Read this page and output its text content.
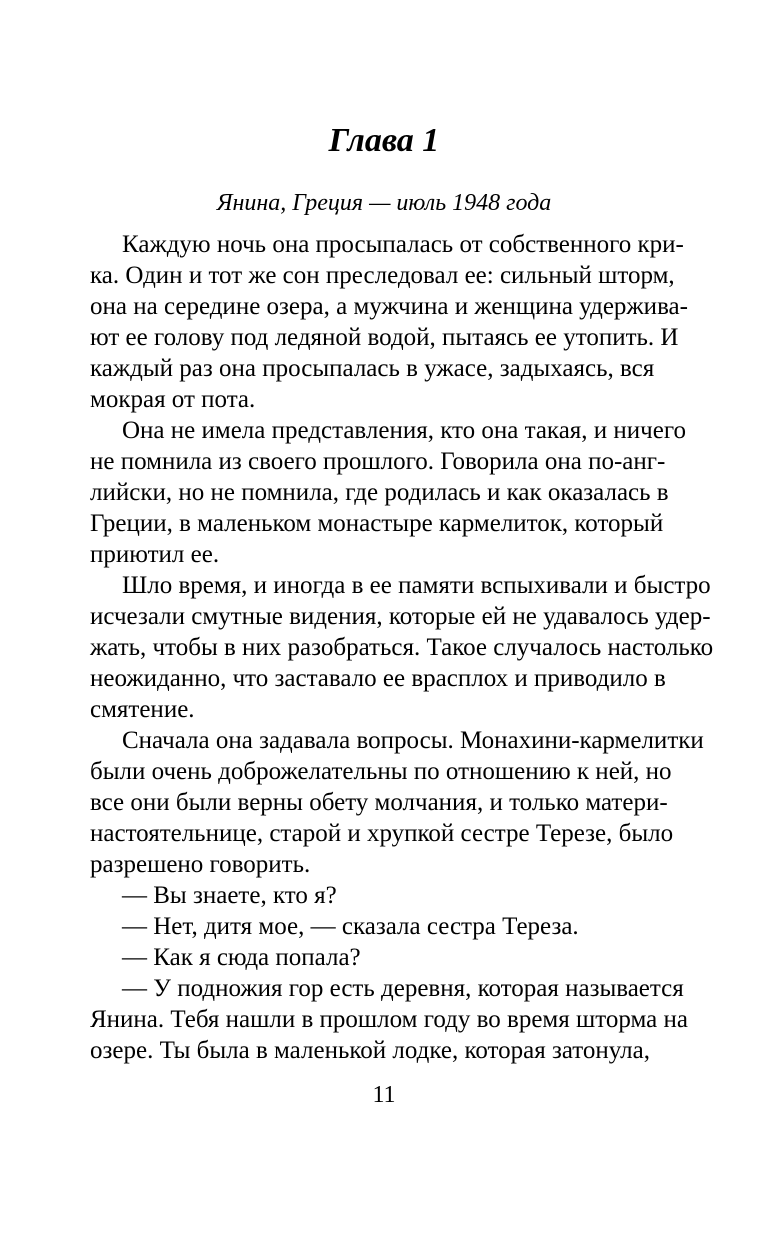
Глава 1

Янина, Греция — июль 1948 года

Каждую ночь она просыпалась от собственного кри-
ка. Один и тот же сон преследовал ее: сильный шторм,
она на середине озера, а мужчина и женщина удержива-
ют ее голову под ледяной водой, пытаясь ее утопить. И
каждый раз она просыпалась в ужасе, задыхаясь, вся
мокрая от пота.
Она не имела представления, кто она такая, и ничего
не помнила из своего прошлого. Говорила она по-анг-
лийски, но не помнила, где родилась и как оказалась в
Греции, в маленьком монастыре кармелиток, который
приютил ее.
Шло время, и иногда в ее памяти вспыхивали и быстро
исчезали смутные видения, которые ей не удавалось удер-
жать, чтобы в них разобраться. Такое случалось настолько
неожиданно, что заставало ее врасплох и приводило в
смятение.
Сначала она задавала вопросы. Монахини-кармелитки
были очень доброжелательны по отношению к ней, но
все они были верны обету молчания, и только матери-
настоятельнице, старой и хрупкой сестре Терезе, было
разрешено говорить.
— Вы знаете, кто я?
— Нет, дитя мое, — сказала сестра Тереза.
— Как я сюда попала?
— У подножия гор есть деревня, которая называется
Янина. Тебя нашли в прошлом году во время шторма на
озере. Ты была в маленькой лодке, которая затонула,

11
